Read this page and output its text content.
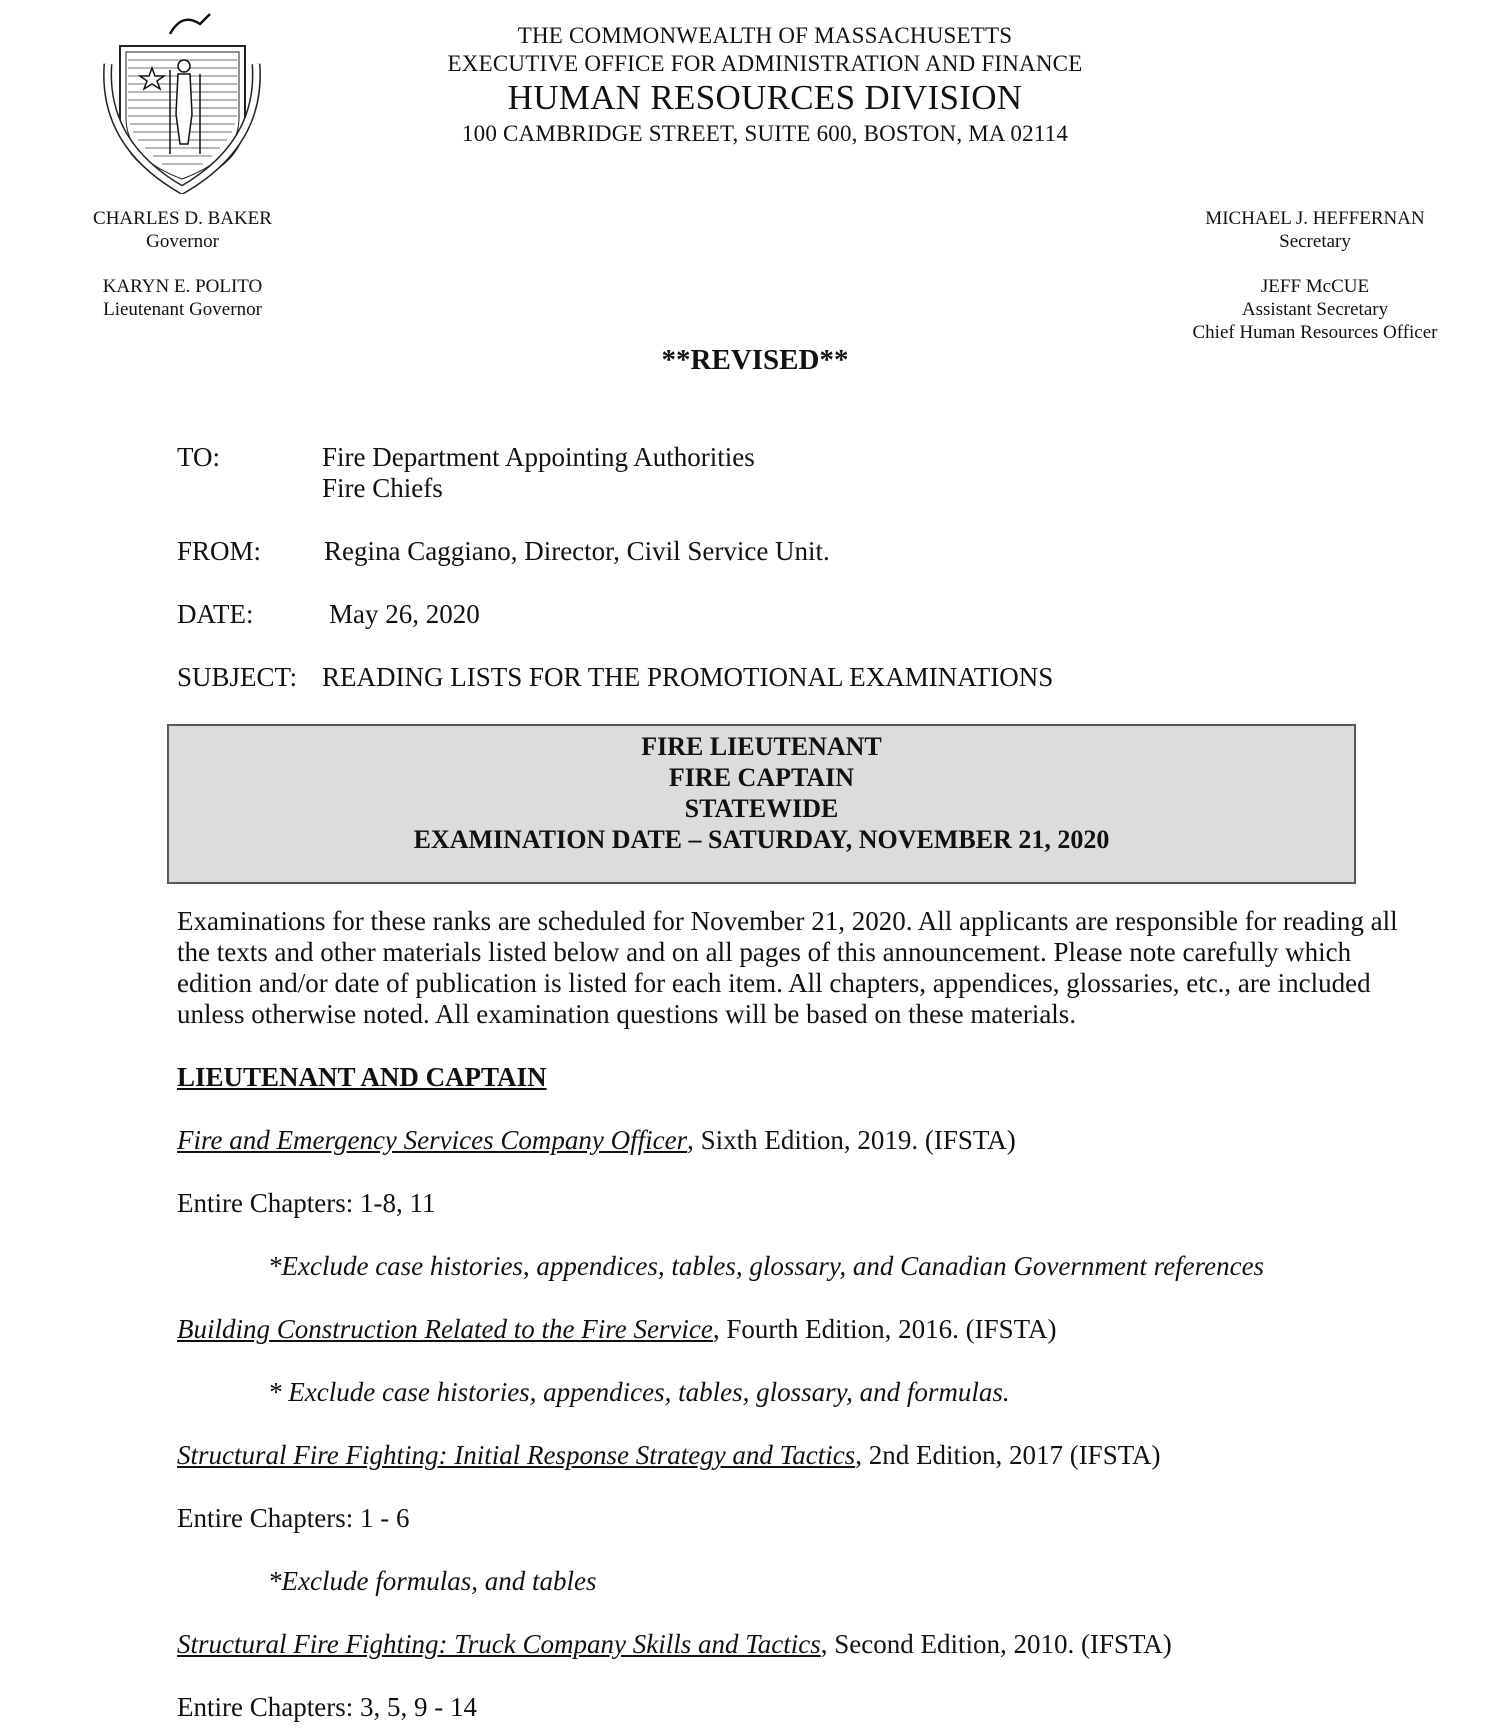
THE COMMONWEALTH OF MASSACHUSETTS
EXECUTIVE OFFICE FOR ADMINISTRATION AND FINANCE
HUMAN RESOURCES DIVISION
100 CAMBRIDGE STREET, SUITE 600, BOSTON, MA 02114
CHARLES D. BAKER
Governor
KARYN E. POLITO
Lieutenant Governor
MICHAEL J. HEFFERNAN
Secretary
JEFF McCUE
Assistant Secretary
Chief Human Resources Officer
**REVISED**
TO:	Fire Department Appointing Authorities
Fire Chiefs
FROM: Regina Caggiano, Director, Civil Service Unit.
DATE:	May 26, 2020
SUBJECT: READING LISTS FOR THE PROMOTIONAL EXAMINATIONS
FIRE LIEUTENANT
FIRE CAPTAIN
STATEWIDE
EXAMINATION DATE – SATURDAY, NOVEMBER 21, 2020
Examinations for these ranks are scheduled for November 21, 2020. All applicants are responsible for reading all the texts and other materials listed below and on all pages of this announcement. Please note carefully which edition and/or date of publication is listed for each item. All chapters, appendices, glossaries, etc., are included unless otherwise noted. All examination questions will be based on these materials.
LIEUTENANT AND CAPTAIN
Fire and Emergency Services Company Officer, Sixth Edition, 2019. (IFSTA)
Entire Chapters: 1-8, 11
*Exclude case histories, appendices, tables, glossary, and Canadian Government references
Building Construction Related to the Fire Service, Fourth Edition, 2016. (IFSTA)
* Exclude case histories, appendices, tables, glossary, and formulas.
Structural Fire Fighting: Initial Response Strategy and Tactics, 2nd Edition, 2017 (IFSTA)
Entire Chapters: 1 - 6
*Exclude formulas, and tables
Structural Fire Fighting: Truck Company Skills and Tactics, Second Edition, 2010. (IFSTA)
Entire Chapters: 3, 5, 9 - 14
